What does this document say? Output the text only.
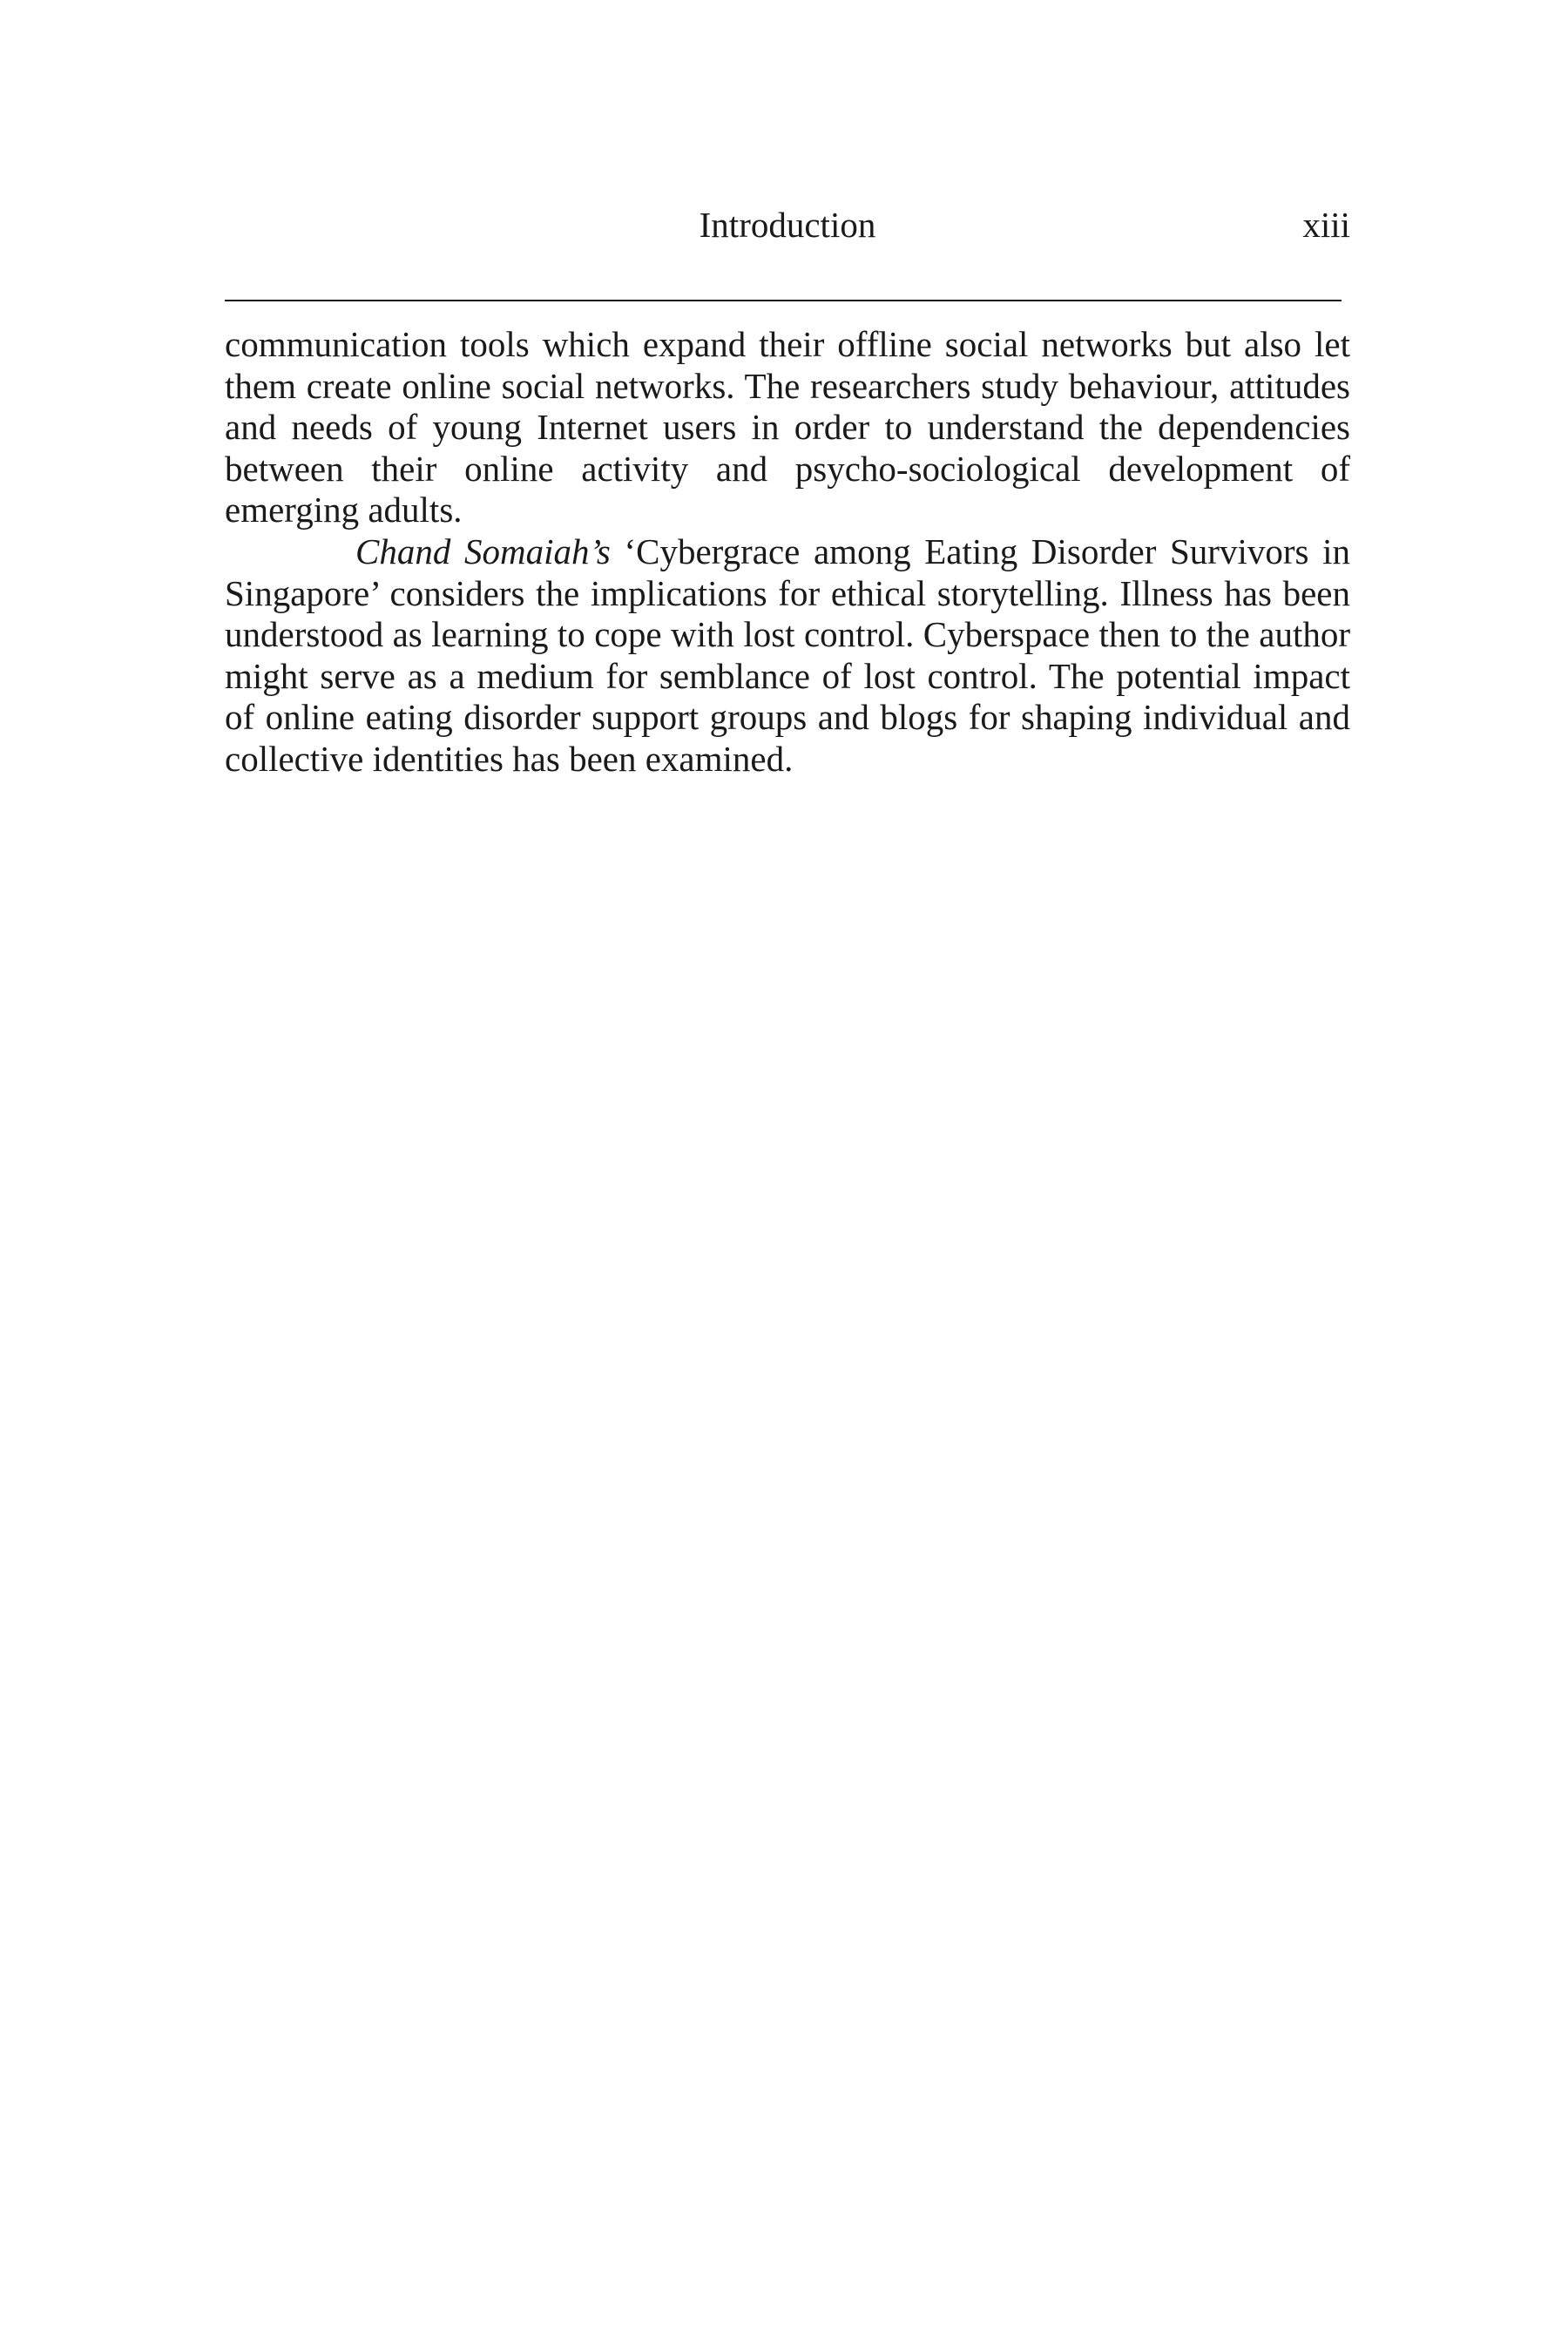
Introduction	xiii

communication tools which expand their offline social networks but also let them create online social networks. The researchers study behaviour, attitudes and needs of young Internet users in order to understand the dependencies between their online activity and psycho-sociological development of emerging adults.

Chand Somaiah’s ‘Cybergrace among Eating Disorder Survivors in Singapore’ considers the implications for ethical storytelling. Illness has been understood as learning to cope with lost control. Cyberspace then to the author might serve as a medium for semblance of lost control. The potential impact of online eating disorder support groups and blogs for shaping individual and collective identities has been examined.
